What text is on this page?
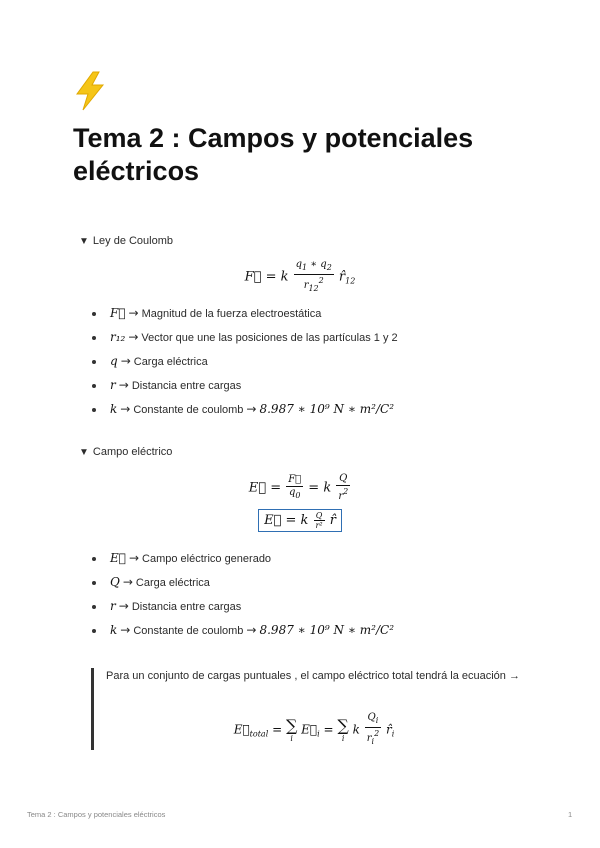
Tema 2 : Campos y potenciales eléctricos
▼ Ley de Coulomb
F⃗ = k $\frac{q_1 ∗ q_2}{r_{12}^2}$ $r̂_{12}$
F⃗ → Magnitud de la fuerza electroestática
r₁₂ → Vector que une las posiciones de las partículas 1 y 2
q → Carga eléctrica
r → Distancia entre cargas
k → Constante de coulomb → 8.987 ∗ 10⁹ N ∗ m²/C²
▼ Campo eléctrico
E⃗ = $\frac{F⃗}{q_0} = k \frac{Q}{r^2}$
E⃗ = k $\frac{Q}{\text{r²}}$ r̂
E⃗ → Campo eléctrico generado
Q → Carga eléctrica
r → Distancia entre cargas
k → Constante de coulomb → 8.987 ∗ 10⁹ N ∗ m²/C²
Para un conjunto de cargas puntuales , el campo eléctrico total tendrá la ecuación →
$E⃗_{total}$ = ∑
i
$E⃗_i$ = ∑
i
k $\frac{Q_i}{r_i^2}$ $r̂_i$
Tema 2 : Campos y potenciales eléctricos	1
